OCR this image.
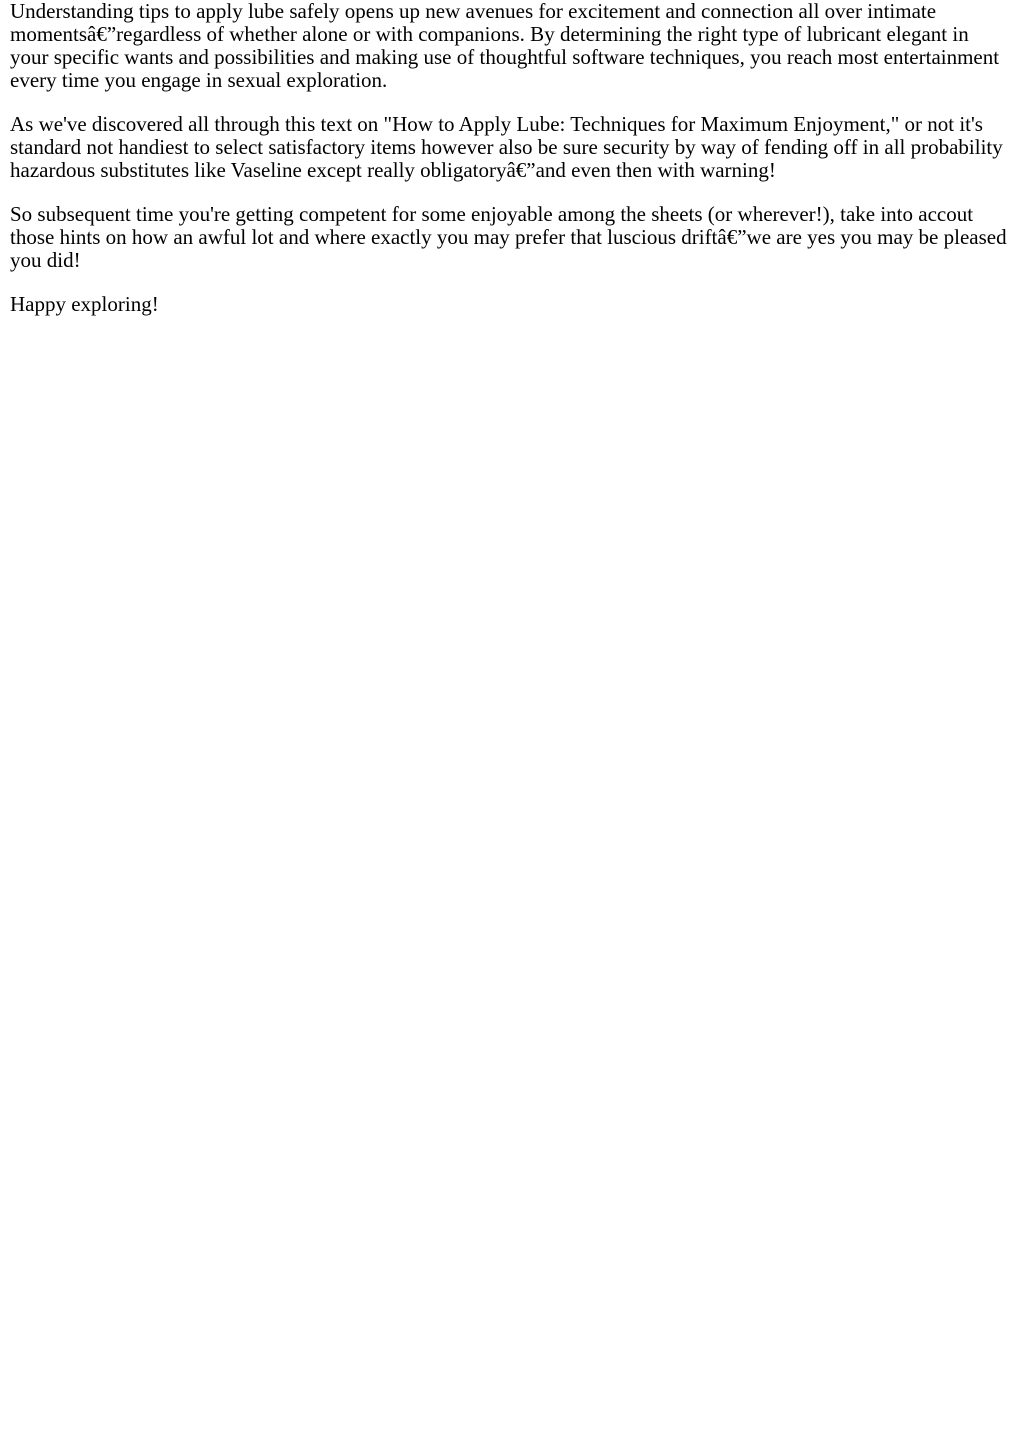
Understanding tips to apply lube safely opens up new avenues for excitement and connection all over intimate momentsâ€”regardless of whether alone or with companions. By determining the right type of lubricant elegant in your specific wants and possibilities and making use of thoughtful software techniques, you reach most entertainment every time you engage in sexual exploration.

As we've discovered all through this text on "How to Apply Lube: Techniques for Maximum Enjoyment," or not it's standard not handiest to select satisfactory items however also be sure security by way of fending off in all probability hazardous substitutes like Vaseline except really obligatoryâ€”and even then with warning!

So subsequent time you're getting competent for some enjoyable among the sheets (or wherever!), take into accout those hints on how an awful lot and where exactly you may prefer that luscious driftâ€”we are yes you may be pleased you did!

Happy exploring!
